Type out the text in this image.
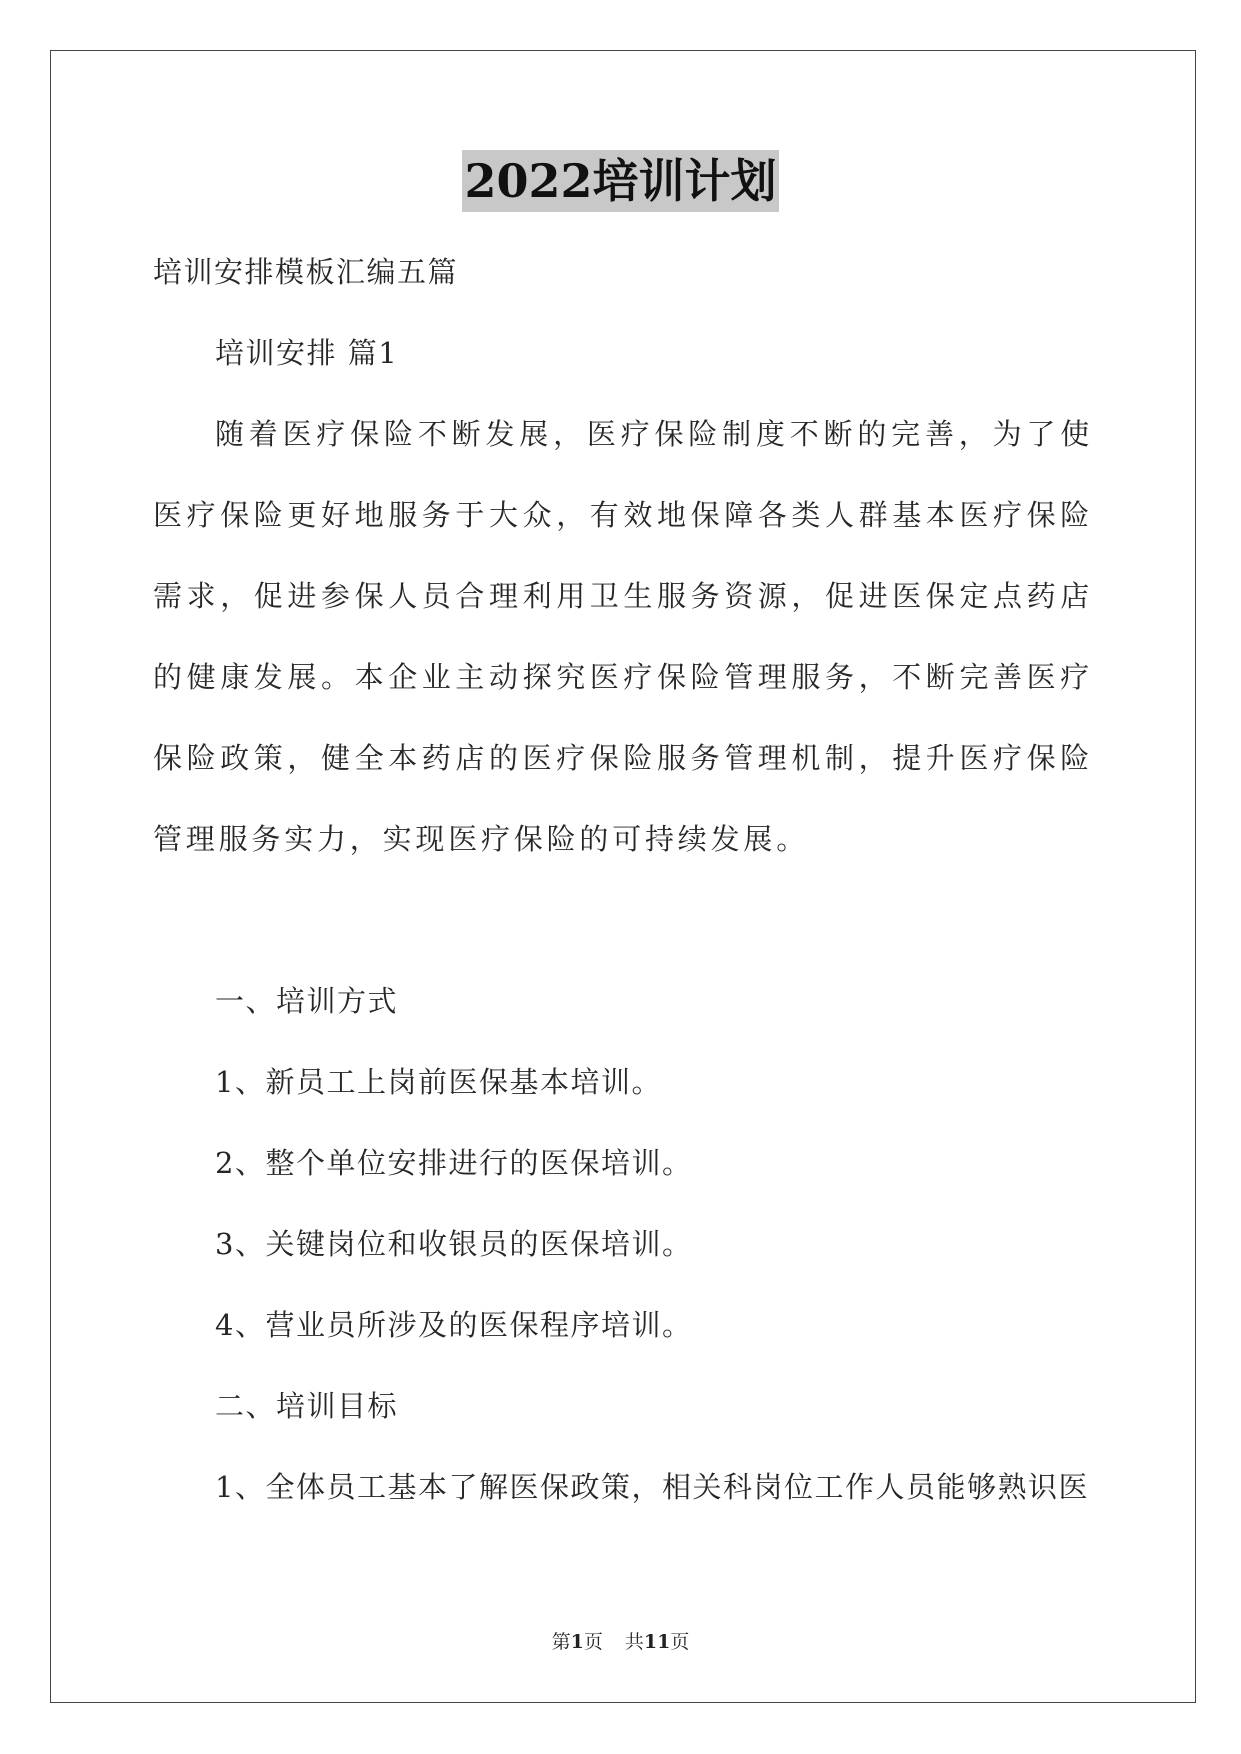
2022培训计划
培训安排模板汇编五篇
培训安排 篇1

随着医疗保险不断发展，医疗保险制度不断的完善，为了使医疗保险更好地服务于大众，有效地保障各类人群基本医疗保险需求，促进参保人员合理利用卫生服务资源，促进医保定点药店的健康发展。本企业主动探究医疗保险管理服务，不断完善医疗保险政策，健全本药店的医疗保险服务管理机制，提升医疗保险管理服务实力，实现医疗保险的可持续发展。

一、培训方式
1、新员工上岗前医保基本培训。
2、整个单位安排进行的医保培训。
3、关键岗位和收银员的医保培训。
4、营业员所涉及的医保程序培训。
二、培训目标
1、全体员工基本了解医保政策，相关科岗位工作人员能够熟识医
第1页 共11页
